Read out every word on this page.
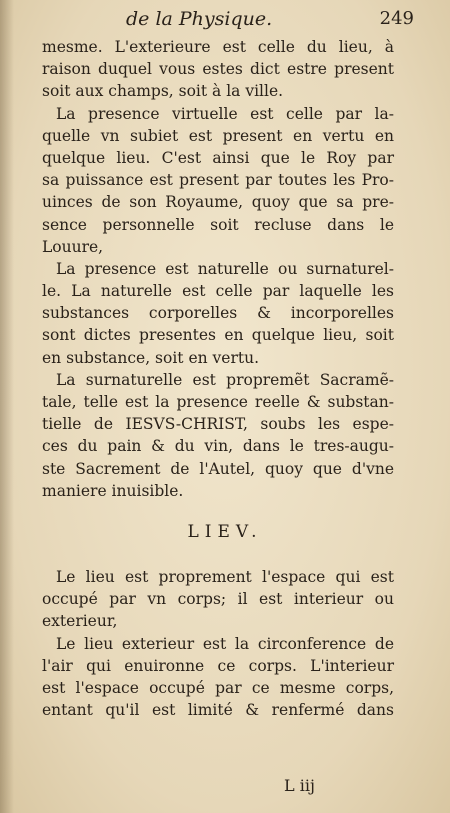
de la Physique.	249
mesme. L'exterieure est celle du lieu, à
raison duquel vous estes dict estre present
soit aux champs, soit à la ville.
La presence virtuelle est celle par la-
quelle vn subiet est present en vertu en
quelque lieu. C'est ainsi que le Roy par
sa puissance est present par toutes les Pro-
uinces de son Royaume, quoy que sa pre-
sence personnelle soit recluse dans le
Louure,
La presence est naturelle ou surnaturel-
le. La naturelle est celle par laquelle les
substances corporelles & incorporelles
sont dictes presentes en quelque lieu, soit
en substance, soit en vertu.
La surnaturelle est propremẽt Sacramẽ-
tale, telle est la presence reelle & substan-
tielle de IESVS-CHRIST, soubs les espe-
ces du pain & du vin, dans le tres-augu-
ste Sacrement de l'Autel, quoy que d'vne
maniere inuisible.
LIEV.
Le lieu est proprement l'espace qui est
occupé par vn corps; il est interieur ou
exterieur,
Le lieu exterieur est la circonference de
l'air qui enuironne ce corps. L'interieur
est l'espace occupé par ce mesme corps,
entant qu'il est limité & renfermé dans
L iij
